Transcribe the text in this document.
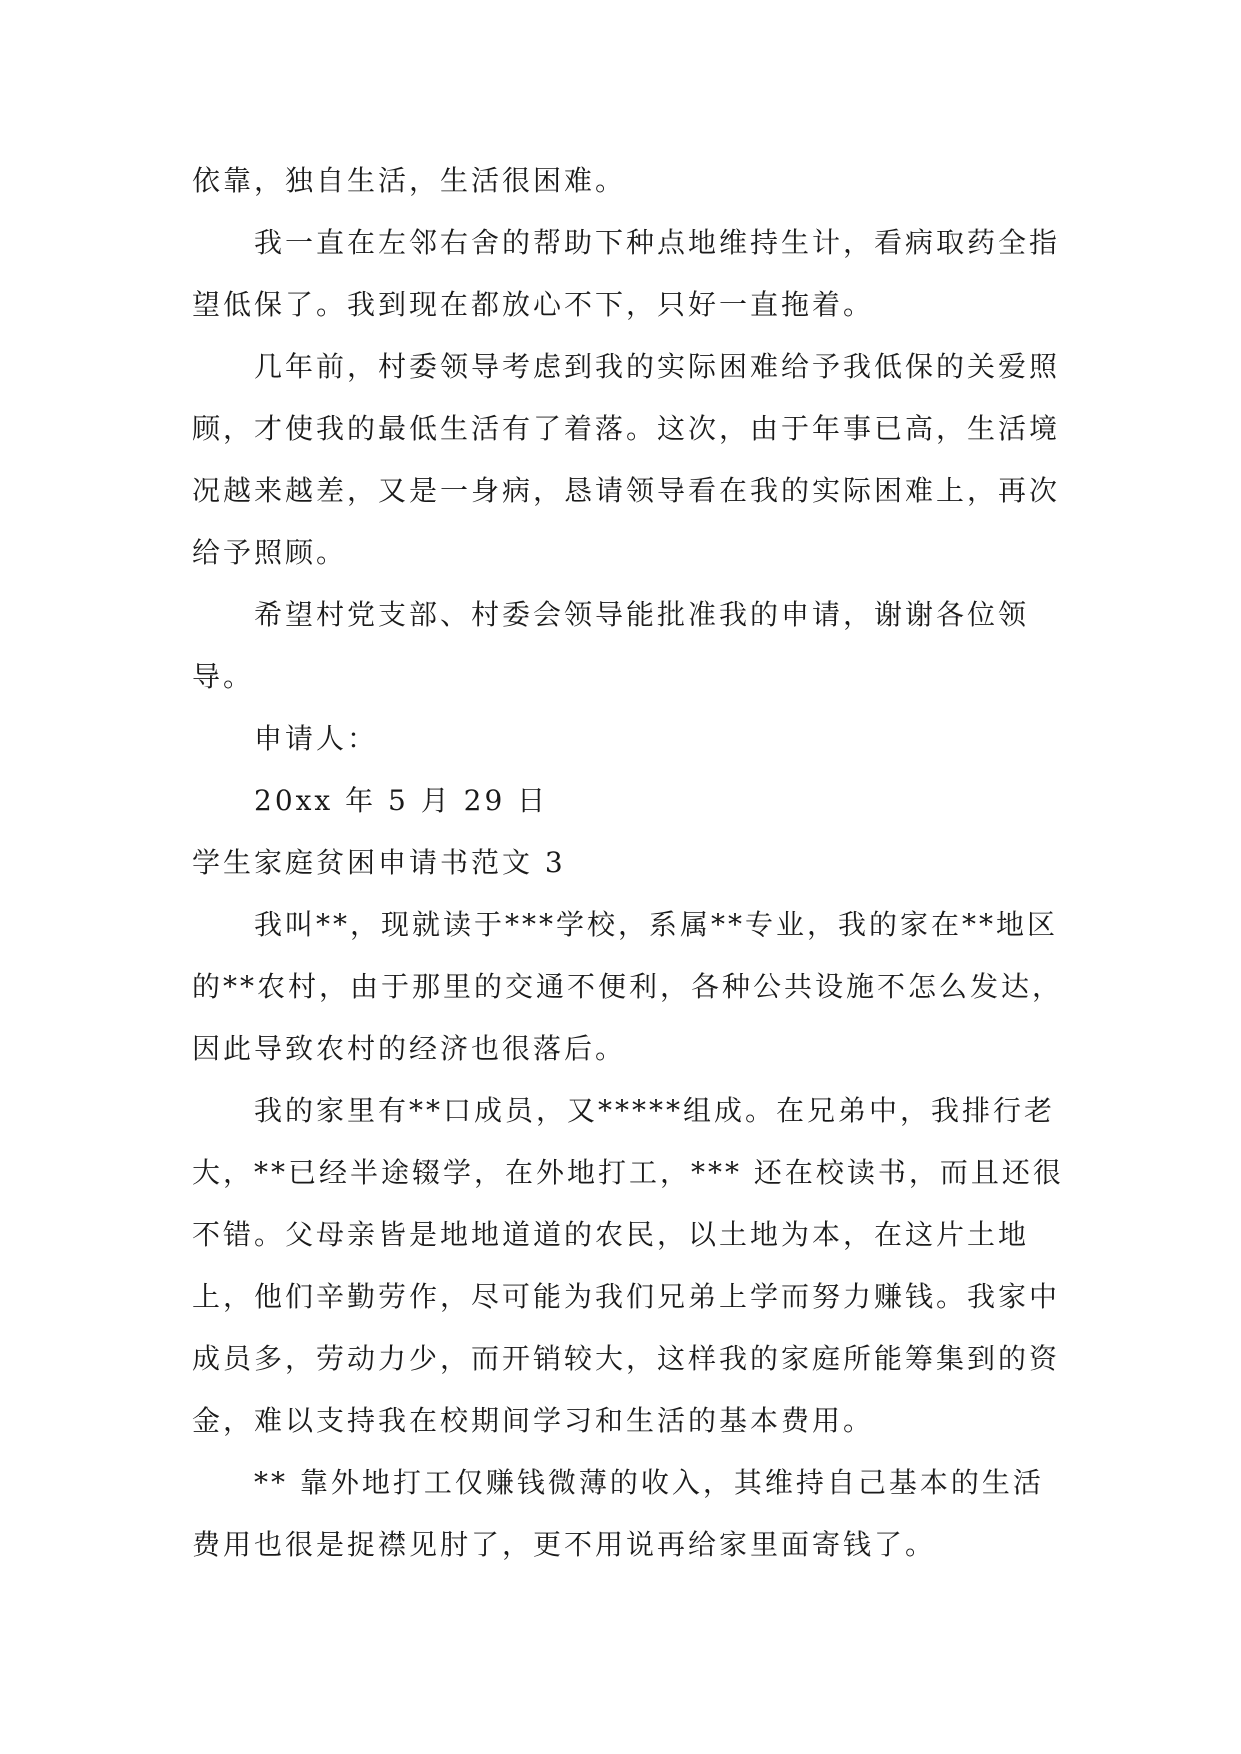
依靠，独自生活，生活很困难。

我一直在左邻右舍的帮助下种点地维持生计，看病取药全指望低保了。我到现在都放心不下，只好一直拖着。

几年前，村委领导考虑到我的实际困难给予我低保的关爱照顾，才使我的最低生活有了着落。这次，由于年事已高，生活境况越来越差，又是一身病，恳请领导看在我的实际困难上，再次给予照顾。

希望村党支部、村委会领导能批准我的申请，谢谢各位领导。

申请人：

20xx 年 5 月 29 日

学生家庭贫困申请书范文 3

我叫**，现就读于***学校，系属**专业，我的家在**地区的**农村，由于那里的交通不便利，各种公共设施不怎么发达，因此导致农村的经济也很落后。

我的家里有**口成员，又*****组成。在兄弟中，我排行老大，**已经半途辍学，在外地打工，*** 还在校读书，而且还很不错。父母亲皆是地地道道的农民，以土地为本，在这片土地上，他们辛勤劳作，尽可能为我们兄弟上学而努力赚钱。我家中成员多，劳动力少，而开销较大，这样我的家庭所能筹集到的资金，难以支持我在校期间学习和生活的基本费用。

** 靠外地打工仅赚钱微薄的收入，其维持自己基本的生活费用也很是捉襟见肘了，更不用说再给家里面寄钱了。
